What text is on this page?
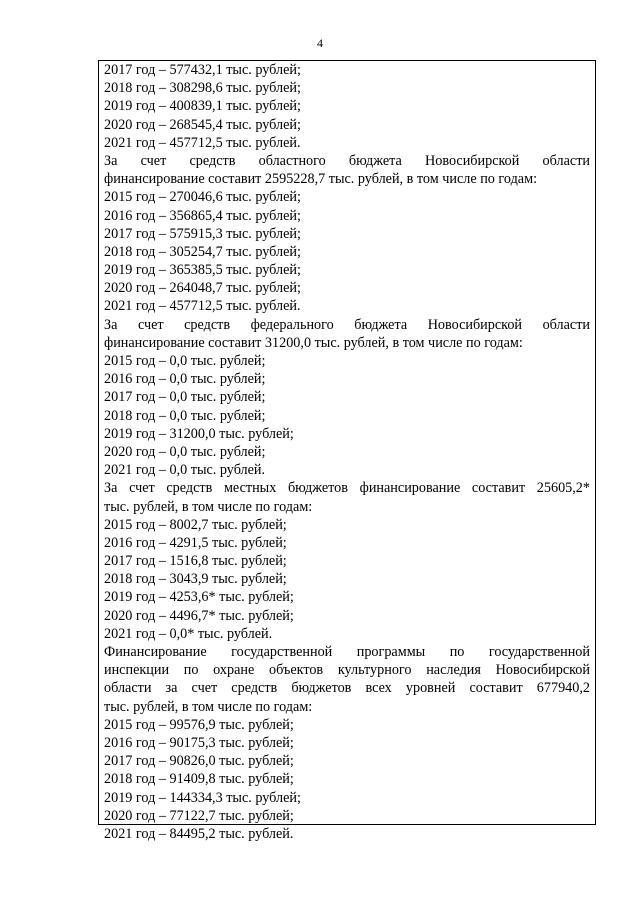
4
2017 год – 577432,1 тыс. рублей;
2018 год – 308298,6 тыс. рублей;
2019 год – 400839,1 тыс. рублей;
2020 год – 268545,4 тыс. рублей;
2021 год – 457712,5 тыс. рублей.
За счет средств областного бюджета Новосибирской области
финансирование составит 2595228,7 тыс. рублей, в том числе по годам:
2015 год – 270046,6 тыс. рублей;
2016 год – 356865,4 тыс. рублей;
2017 год – 575915,3 тыс. рублей;
2018 год – 305254,7 тыс. рублей;
2019 год – 365385,5 тыс. рублей;
2020 год – 264048,7 тыс. рублей;
2021 год – 457712,5 тыс. рублей.
За счет средств федерального бюджета Новосибирской области
финансирование составит 31200,0 тыс. рублей, в том числе по годам:
2015 год – 0,0 тыс. рублей;
2016 год – 0,0 тыс. рублей;
2017 год – 0,0 тыс. рублей;
2018 год – 0,0 тыс. рублей;
2019 год – 31200,0 тыс. рублей;
2020 год – 0,0 тыс. рублей;
2021 год – 0,0 тыс. рублей.
За счет средств местных бюджетов финансирование составит 25605,2*
тыс. рублей, в том числе по годам:
2015 год – 8002,7 тыс. рублей;
2016 год – 4291,5 тыс. рублей;
2017 год – 1516,8 тыс. рублей;
2018 год – 3043,9 тыс. рублей;
2019 год – 4253,6* тыс. рублей;
2020 год – 4496,7* тыс. рублей;
2021 год – 0,0* тыс. рублей.
Финансирование государственной программы по государственной
инспекции по охране объектов культурного наследия Новосибирской
области за счет средств бюджетов всех уровней составит 677940,2
тыс. рублей, в том числе по годам:
2015 год – 99576,9 тыс. рублей;
2016 год – 90175,3 тыс. рублей;
2017 год – 90826,0 тыс. рублей;
2018 год – 91409,8 тыс. рублей;
2019 год – 144334,3 тыс. рублей;
2020 год – 77122,7 тыс. рублей;
2021 год – 84495,2 тыс. рублей.
